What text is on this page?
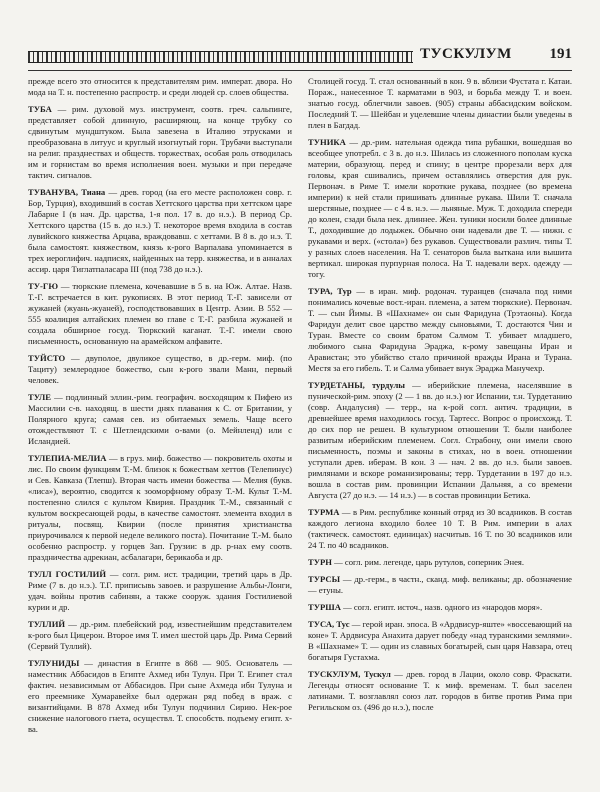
ТУСКУЛУМ	191

прежде всего это относится к представителям рим. императ. двора. Но мода на Т. н. постепенно распростр. и среди людей ср. слоев общества.

ТУБА — рим. духовой муз. инструмент, соотв. греч. сальпинге, представляет собой длинную, расширяющ. на конце трубку со сдвинутым мундштуком. Была завезена в Италию этрусками и преобразована в литуус и круглый изогнутый горн. Трубачи выступали на религ. празднествах и обществ. торжествах, особая роль отводилась им и горнистам во время исполнения воен. музыки и при передаче тактич. сигналов.

ТУВАНУВА, Тиана — древ. город (на его месте расположен совр. г. Бор, Турция), входивший в состав Хеттского царства при хеттском царе Лабарне I (в нач. Др. царства, 1-я пол. 17 в. до н.э.). В период Ср. Хеттского царства (15 в. до н.э.) Т. некоторое время входила в состав лувийского княжества Арцава, враждовавш. с хеттами. В 8 в. до н.э. Т. была самостоят. княжеством, князь к-рого Варпалава упоминается в трех иероглифич. надписях, найденных на терр. княжества, и в анналах ассир. царя Тиглатпаласара III (под 738 до н.э.).

ТУ-ГЮ — тюркские племена, кочевавшие в 5 в. на Юж. Алтае. Назв. Т.-Г. встречается в кит. рукописях. В этот период Т.-Г. зависели от жужаней (жуань-жуаней), господствовавших в Центр. Азии. В 552 — 555 коалиция алтайских племен во главе с Т.-Г. разбила жужаней и создала обширное госуд. Тюркский каганат. Т.-Г. имели свою письменность, основанную на арамейском алфавите.

ТУЙСТО — двуполое, двуликое существо, в др.-герм. миф. (по Тациту) землеродное божество, сын к-рого звали Манн, первый человек.

ТУЛЕ — подлинный эллин.-рим. географич. восходящим к Пифею из Массилии с-в. находящ. в шести днях плавания к С. от Британии, у Полярного круга; самая сев. из обитаемых земель. Чаще всего отождествляют Т. с Шетлендскими о-вами (о. Мейнленд) или с Исландией.

ТУЛЕПИА-МЕЛИА — в груз. миф. божество — покровитель охоты и лис. По своим функциям Т.-М. близок к божествам хеттов (Телепинус) и Сев. Кавказа (Тлепш). Вторая часть имени божества — Мелия (букв. «лиса»), вероятно, сводится к зооморфному образу Т.-М. Культ Т.-М. постепенно слился с культом Квирия. Праздник Т.-М., связанный с культом воскресающей роды, в качестве самостоят. элемента входил в ритуалы, посвящ. Квирии (после принятия христианства приурочивался к первой неделе великого поста). Почитание Т.-М. было особенно распростр. у горцев Зап. Грузии: в др. р-нах ему соотв. праздничества адрекиан, асбалагари, берикаоба и др.

ТУЛЛ ГОСТИЛИЙ — согл. рим. ист. традиции, третий царь в Др. Риме (7 в. до н.э.). Т.Г. приписывь завоев. и разрушение Альбы-Лонги, удач. войны против сабинян, а также сооруж. здания Гостилиевой курии и др.

ТУЛЛИЙ — др.-рим. плебейский род, известнейшим представителем к-рого был Цицерон. Второе имя Т. имел шестой царь Др. Рима Сервий (Сервий Туллий).

ТУЛУНИДЫ — династия в Египте в 868 — 905. Основатель — наместник Аббасидов в Египте Ахмед ибн Тулун. При Т. Египет стал фактич. независимым от Аббасидов. При сыне Ахмеда ибн Тулуна и его преемнике Хумаравейхе был одержан ряд побед в враж. с византийцами. В 878 Ахмед ибн Тулун подчинил Сирию. Нек-рое снижение налогового гнета, осуществл. Т. способств. подъему египт. х-ва.

Столицей госуд. Т. стал основанный в кон. 9 в. вблизи Фустата г. Катаи. Пораж., нанесенное Т. карматами в 903, и борьба между Т. и воен. знатью госуд. облегчили завоев. (905) страны аббасидским войском. Последний Т. — Шейбан и уцелевшие члены династии были уведены в плен в Багдад.

ТУНИКА — др.-рим. нательная одежда типа рубашки, вошедшая во всеобщее употребл. с 3 в. до н.э. Шилась из сложенного пополам куска материи, образующ. перед и спину; в центре прорезали верх для головы, края сшивались, причем оставлялись отверстия для рук. Первонач. в Риме Т. имели короткие рукава, позднее (во времена империи) к ней стали пришивать длинные рукава. Шили Т. сначала шерстяные, позднее — с 4 в. н.э. — льняные. Муж. Т. доходила спереди до колен, сзади была нек. длиннее. Жен. туники носили более длинные Т., доходившие до лодыжек. Обычно они надевали две Т. — нижн. с рукавами и верх. («стола») без рукавов. Существовали различ. типы Т. у разных слоев населения. На Т. сенаторов была выткана или вышита вертикал. широкая пурпурная полоса. На Т. надевали верх. одежду — тогу.

ТУРА, Тур — в иран. миф. родонач. туранцев (сначала под ними понимались кочевые вост.-иран. племена, а затем тюркские). Первонач. Т. — сын Йимы. В «Шахнаме» он сын Фаридуна (Трэтаоны). Когда Фаридун делит свое царство между сыновьями, Т. достаются Чин и Туран. Вместе со своим братом Салмом Т. убивает младшего, любимого сына Фаридуна Эраджа, к-рому завещаны Иран и Аравистан; это убийство стало причиной вражды Ирана и Турана. Местя за его гибель. Т. и Салма убивает внук Эраджа Манучехр.

ТУРДЕТАНЫ, турдулы — иберийские племена, населявшие в пунической-рим. эпоху (2 — 1 вв. до н.э.) юг Испании, т.н. Турдетанию (совр. Андалусия) — терр., на к-рой согл. антич. традиции, в древнейшее время находилось госуд. Тартесс. Вопрос о происхожд. Т. до сих пор не решен. В культурном отношении Т. были наиболее развитым иберийским племенем. Согл. Страбону, они имели свою письменность, поэмы и законы в стихах, но в воен. отношении уступали древ. иберам. В кон. 3 — нач. 2 вв. до н.э. были завоев. римлянами и вскоре романизированы; терр. Турдетании в 197 до н.э. вошла в состав рим. провинции Испании Дальняя, а со времени Августа (27 до н.э. — 14 н.э.) — в состав провинции Бетика.

ТУРМА — в Рим. республике конный отряд из 30 всадников. В состав каждого легиона входило более 10 Т. В Рим. империи в алах (тактическ. самостоят. единицах) насчитыв. 16 Т. по 30 всадников или 24 Т. по 40 всадников.

ТУРН — согл. рим. легенде, царь рутулов, соперник Энея.

ТУРСЫ — др.-герм., в частн., сканд. миф. великаны; др. обозначение — етуны.

ТУРША — согл. египт. источ., назв. одного из «народов моря».

ТУСА, Тус — герой иран. эпоса. В «Ардвисур-яште» «воссевающий на коне» Т. Ардвисура Анахита дарует победу «над туранскими землями». В «Шахнаме» Т. — один из славных богатырей, сын царя Навзара, отец богатыря Густахма.

ТУСКУЛУМ, Тускул — древ. город в Лации, около совр. Фраскати. Легенды относят основание Т. к миф. временам. Т. был заселен латинами. Т. возглавлял союз лат. городов в битве против Рима при Регильском оз. (496 до н.э.), после
